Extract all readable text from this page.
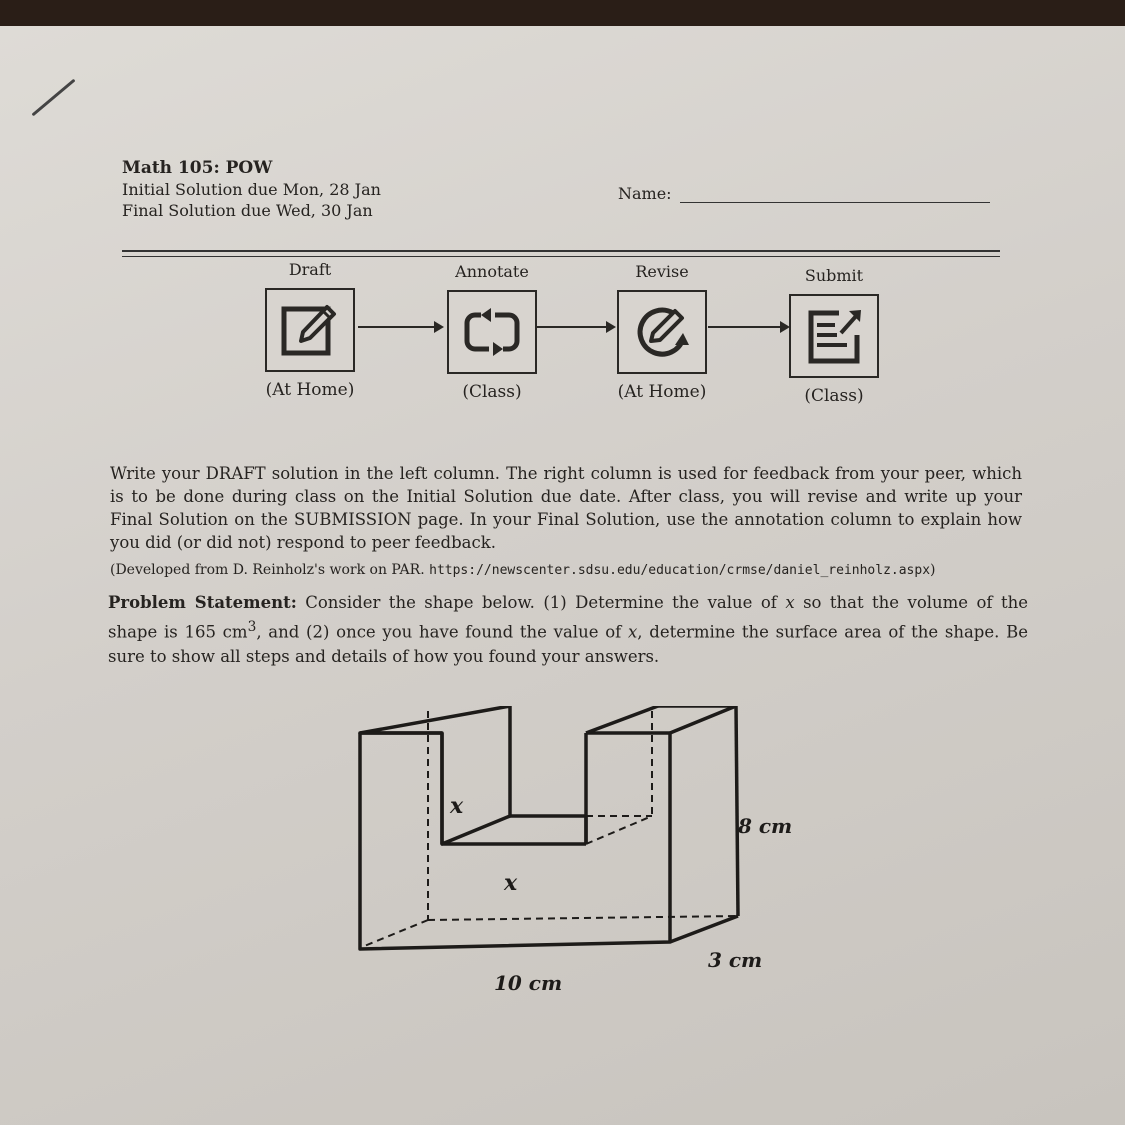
Math 105: POW

Initial Solution due Mon, 28 Jan

Final Solution due Wed, 30 Jan

Name:
Draft
(At Home)
Annotate
(Class)
Revise
(At Home)
Submit
(Class)

Write your DRAFT solution in the left column. The right column is used for feedback from your peer, which is to be done during class on the Initial Solution due date. After class, you will revise and write up your Final Solution on the SUBMISSION page. In your Final Solution, use the annotation column to explain how you did (or did not) respond to peer feedback.

(Developed from D. Reinholz's work on PAR. https://newscenter.sdsu.edu/education/crmse/daniel_reinholz.aspx)

Problem Statement: Consider the shape below. (1) Determine the value of x so that the volume of the shape is 165 $cm^3$, and (2) once you have found the value of x, determine the surface area of the shape. Be sure to show all steps and details of how you found your answers.

x
x
8 cm
3 cm
10 cm
